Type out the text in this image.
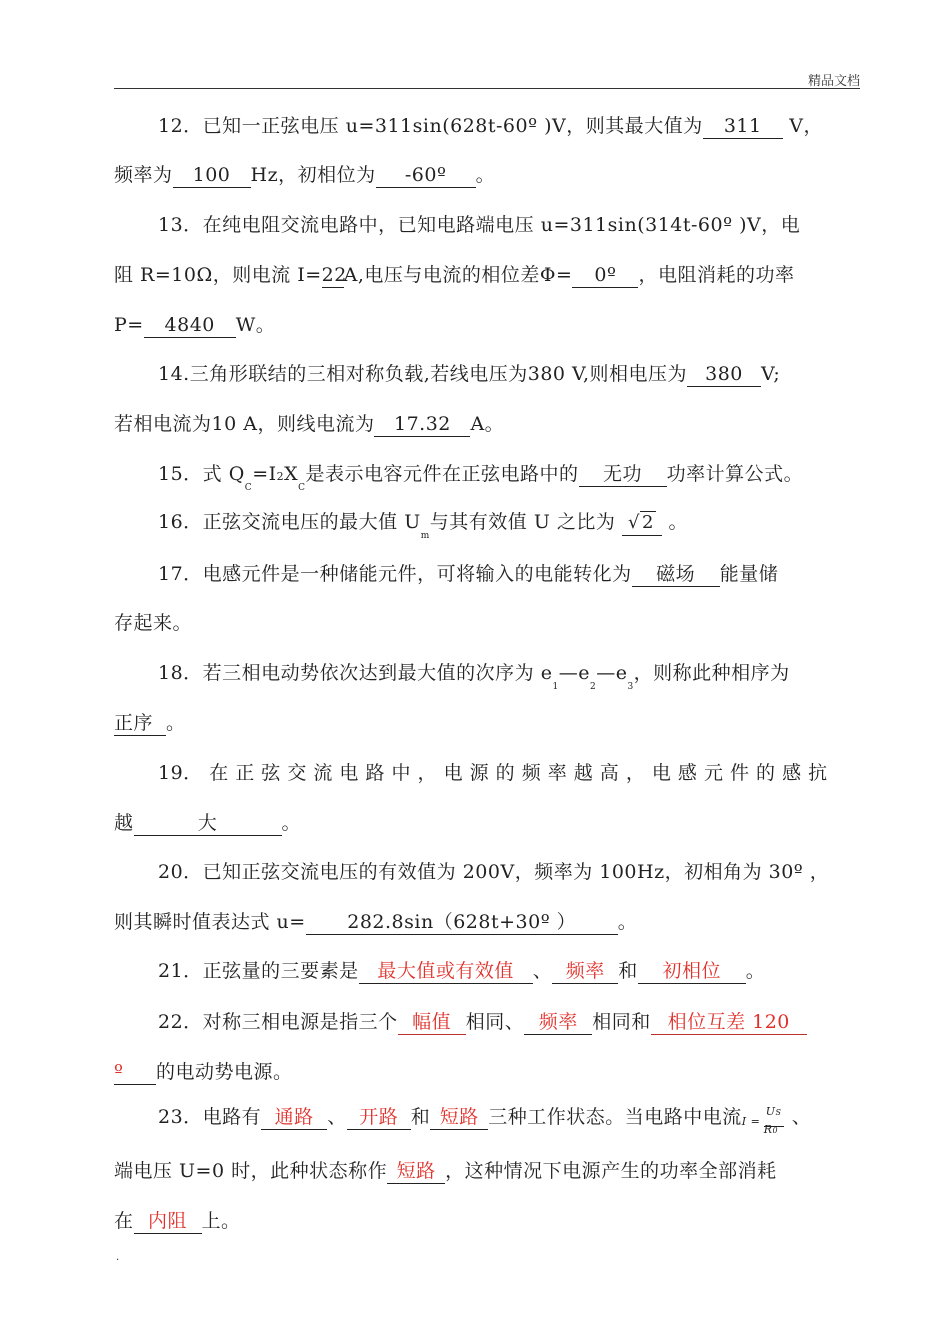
精品文档
12．已知一正弦电压 u=311sin(628t-60º )V，则其最大值为 311 V，
频率为 100 Hz，初相位为 -60º 。
13．在纯电阻交流电路中，已知电路端电压 u=311sin(314t-60º )V，电
阻 R=10Ω，则电流 I=22A,电压与电流的相位差Φ= 0º ，电阻消耗的功率
P= 4840 W。
14.三角形联结的三相对称负载,若线电压为380 V,则相电压为 380 V;
若相电流为10 A，则线电流为 17.32 A。
15．式 $Q_C=I2X_C$是表示电容元件在正弦电路中的 无功 功率计算公式。
16．正弦交流电压的最大值 $U_m$与其有效值 U 之比为 √ 2 。
17．电感元件是一种储能元件，可将输入的电能转化为 磁场 能量储
存起来。
18．若三相电动势依次达到最大值的次序为 $e_1—e_2—e_3$，则称此种相序为
正序 。
19． 在 正 弦 交 流 电 路 中 ， 电 源 的 频 率 越 高 ， 电 感 元 件 的 感 抗
越	大	。
20．已知正弦交流电压的有效值为 200V，频率为 100Hz，初相角为 30º ，
则其瞬时值表达式 u= 282.8sin（628t+30º ） 。
21．正弦量的三要素是 最大值或有效值 、 频率 和 初相位 。
22．对称三相电源是指三个 幅值 相同、 频率 相同和 相位互差 120
º 的电动势电源。
23．电路有 通路 、 开路 和 短路 三种工作状态。当电路中电流 I =
US
R0
、
端电压 U=0 时，此种状态称作 短路 ，这种情况下电源产生的功率全部消耗
在 内阻 上。
.
